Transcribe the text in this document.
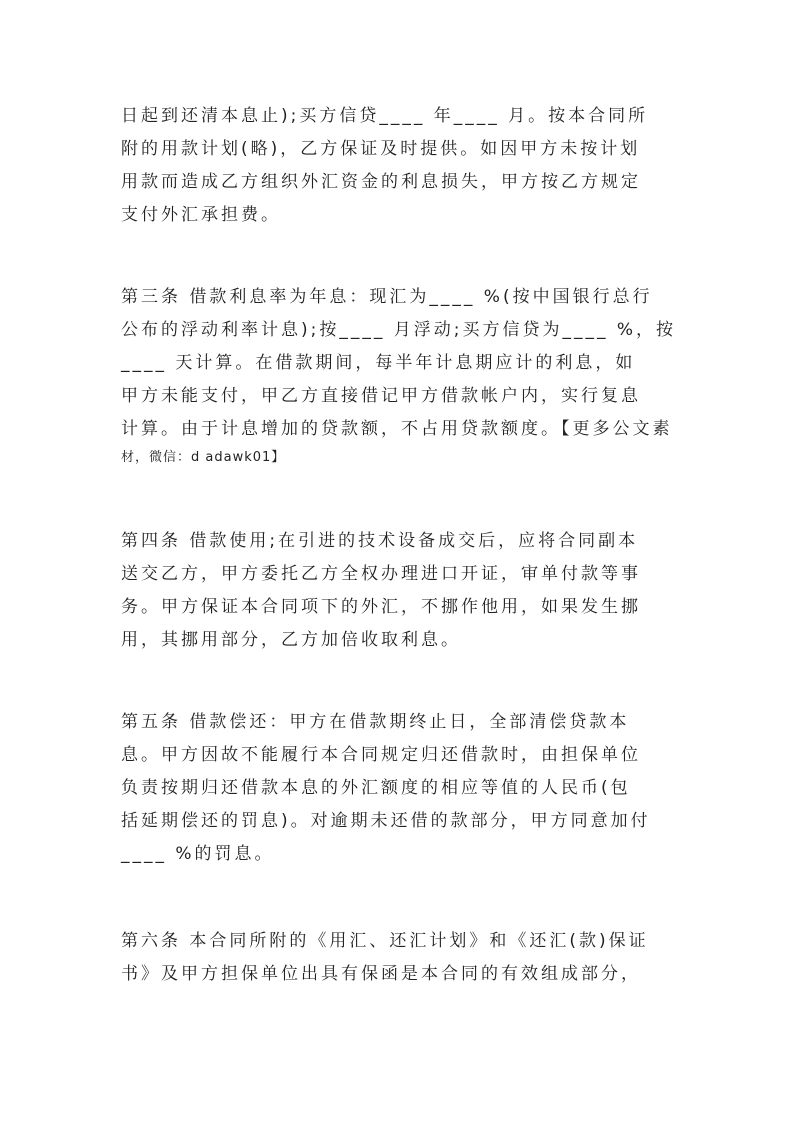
日起到还清本息止);买方信贷____ 年____ 月。按本合同所
附的用款计划(略)，乙方保证及时提供。如因甲方未按计划
用款而造成乙方组织外汇资金的利息损失，甲方按乙方规定
支付外汇承担费。
第三条 借款利息率为年息：现汇为____ %(按中国银行总行
公布的浮动利率计息);按____ 月浮动;买方信贷为____ %，按
____ 天计算。在借款期间，每半年计息期应计的利息，如
甲方未能支付，甲乙方直接借记甲方借款帐户内，实行复息
计算。由于计息增加的贷款额，不占用贷款额度。【更多公文素
材，微信：d adawk01】
第四条 借款使用;在引进的技术设备成交后，应将合同副本
送交乙方，甲方委托乙方全权办理进口开证，审单付款等事
务。甲方保证本合同项下的外汇，不挪作他用，如果发生挪
用，其挪用部分，乙方加倍收取利息。
第五条 借款偿还：甲方在借款期终止日，全部清偿贷款本
息。甲方因故不能履行本合同规定归还借款时，由担保单位
负责按期归还借款本息的外汇额度的相应等值的人民币(包
括延期偿还的罚息)。对逾期未还借的款部分，甲方同意加付
____ %的罚息。
第六条 本合同所附的《用汇、还汇计划》和《还汇(款)保证
书》及甲方担保单位出具有保函是本合同的有效组成部分，
